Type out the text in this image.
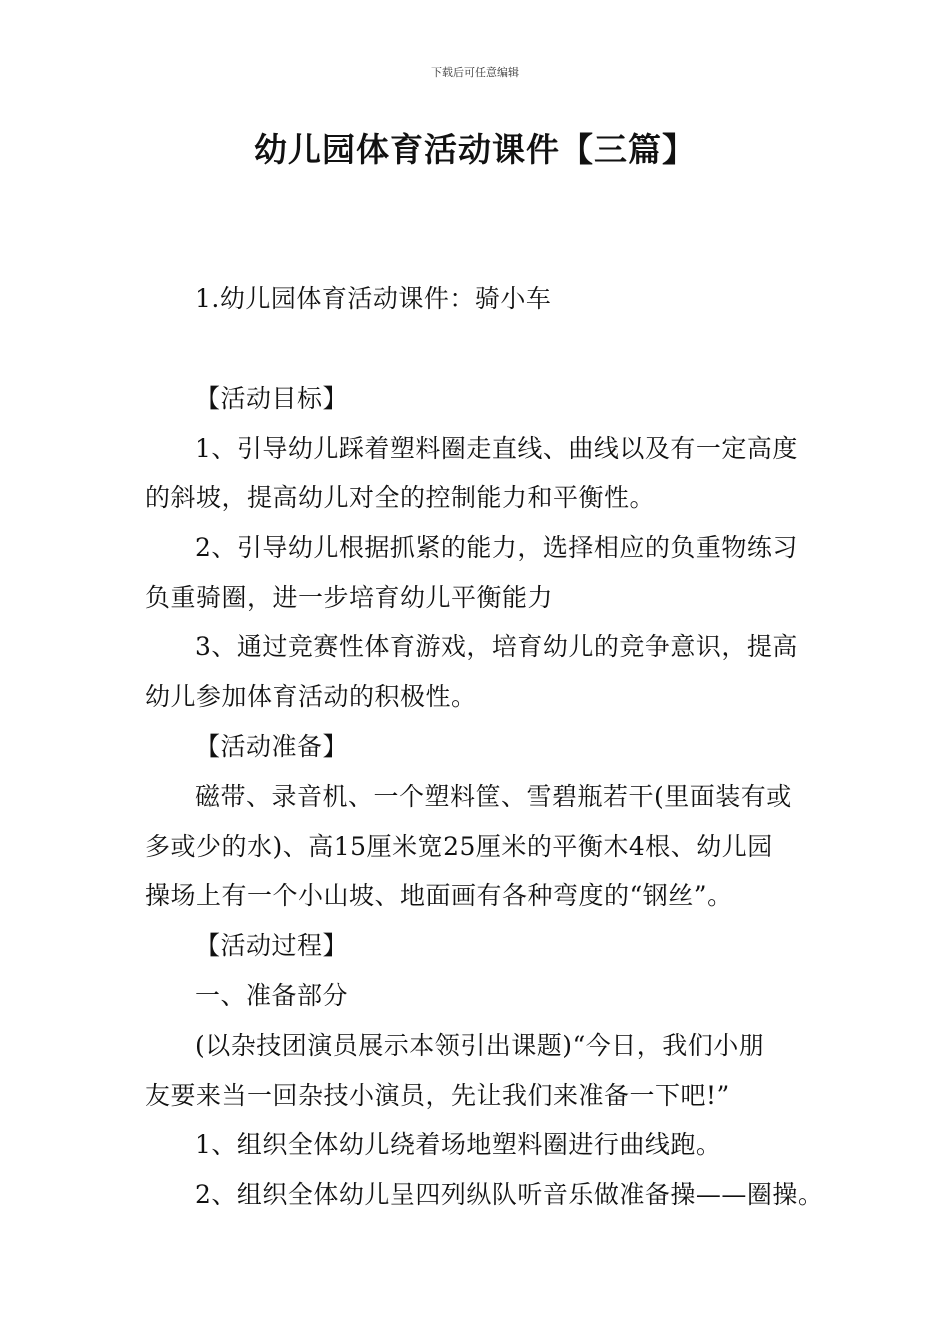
下载后可任意编辑
幼儿园体育活动课件【三篇】
1.幼儿园体育活动课件：骑小车
【活动目标】
1、引导幼儿踩着塑料圈走直线、曲线以及有一定高度
的斜坡，提高幼儿对全的控制能力和平衡性。
2、引导幼儿根据抓紧的能力，选择相应的负重物练习
负重骑圈，进一步培育幼儿平衡能力
3、通过竞赛性体育游戏，培育幼儿的竞争意识，提高
幼儿参加体育活动的积极性。
【活动准备】
磁带、录音机、一个塑料筐、雪碧瓶若干(里面装有或
多或少的水)、高15厘米宽25厘米的平衡木4根、幼儿园
操场上有一个小山坡、地面画有各种弯度的“钢丝”。
【活动过程】
一、准备部分
(以杂技团演员展示本领引出课题)“今日，我们小朋
友要来当一回杂技小演员，先让我们来准备一下吧!”
1、组织全体幼儿绕着场地塑料圈进行曲线跑。
2、组织全体幼儿呈四列纵队听音乐做准备操——圈操。
